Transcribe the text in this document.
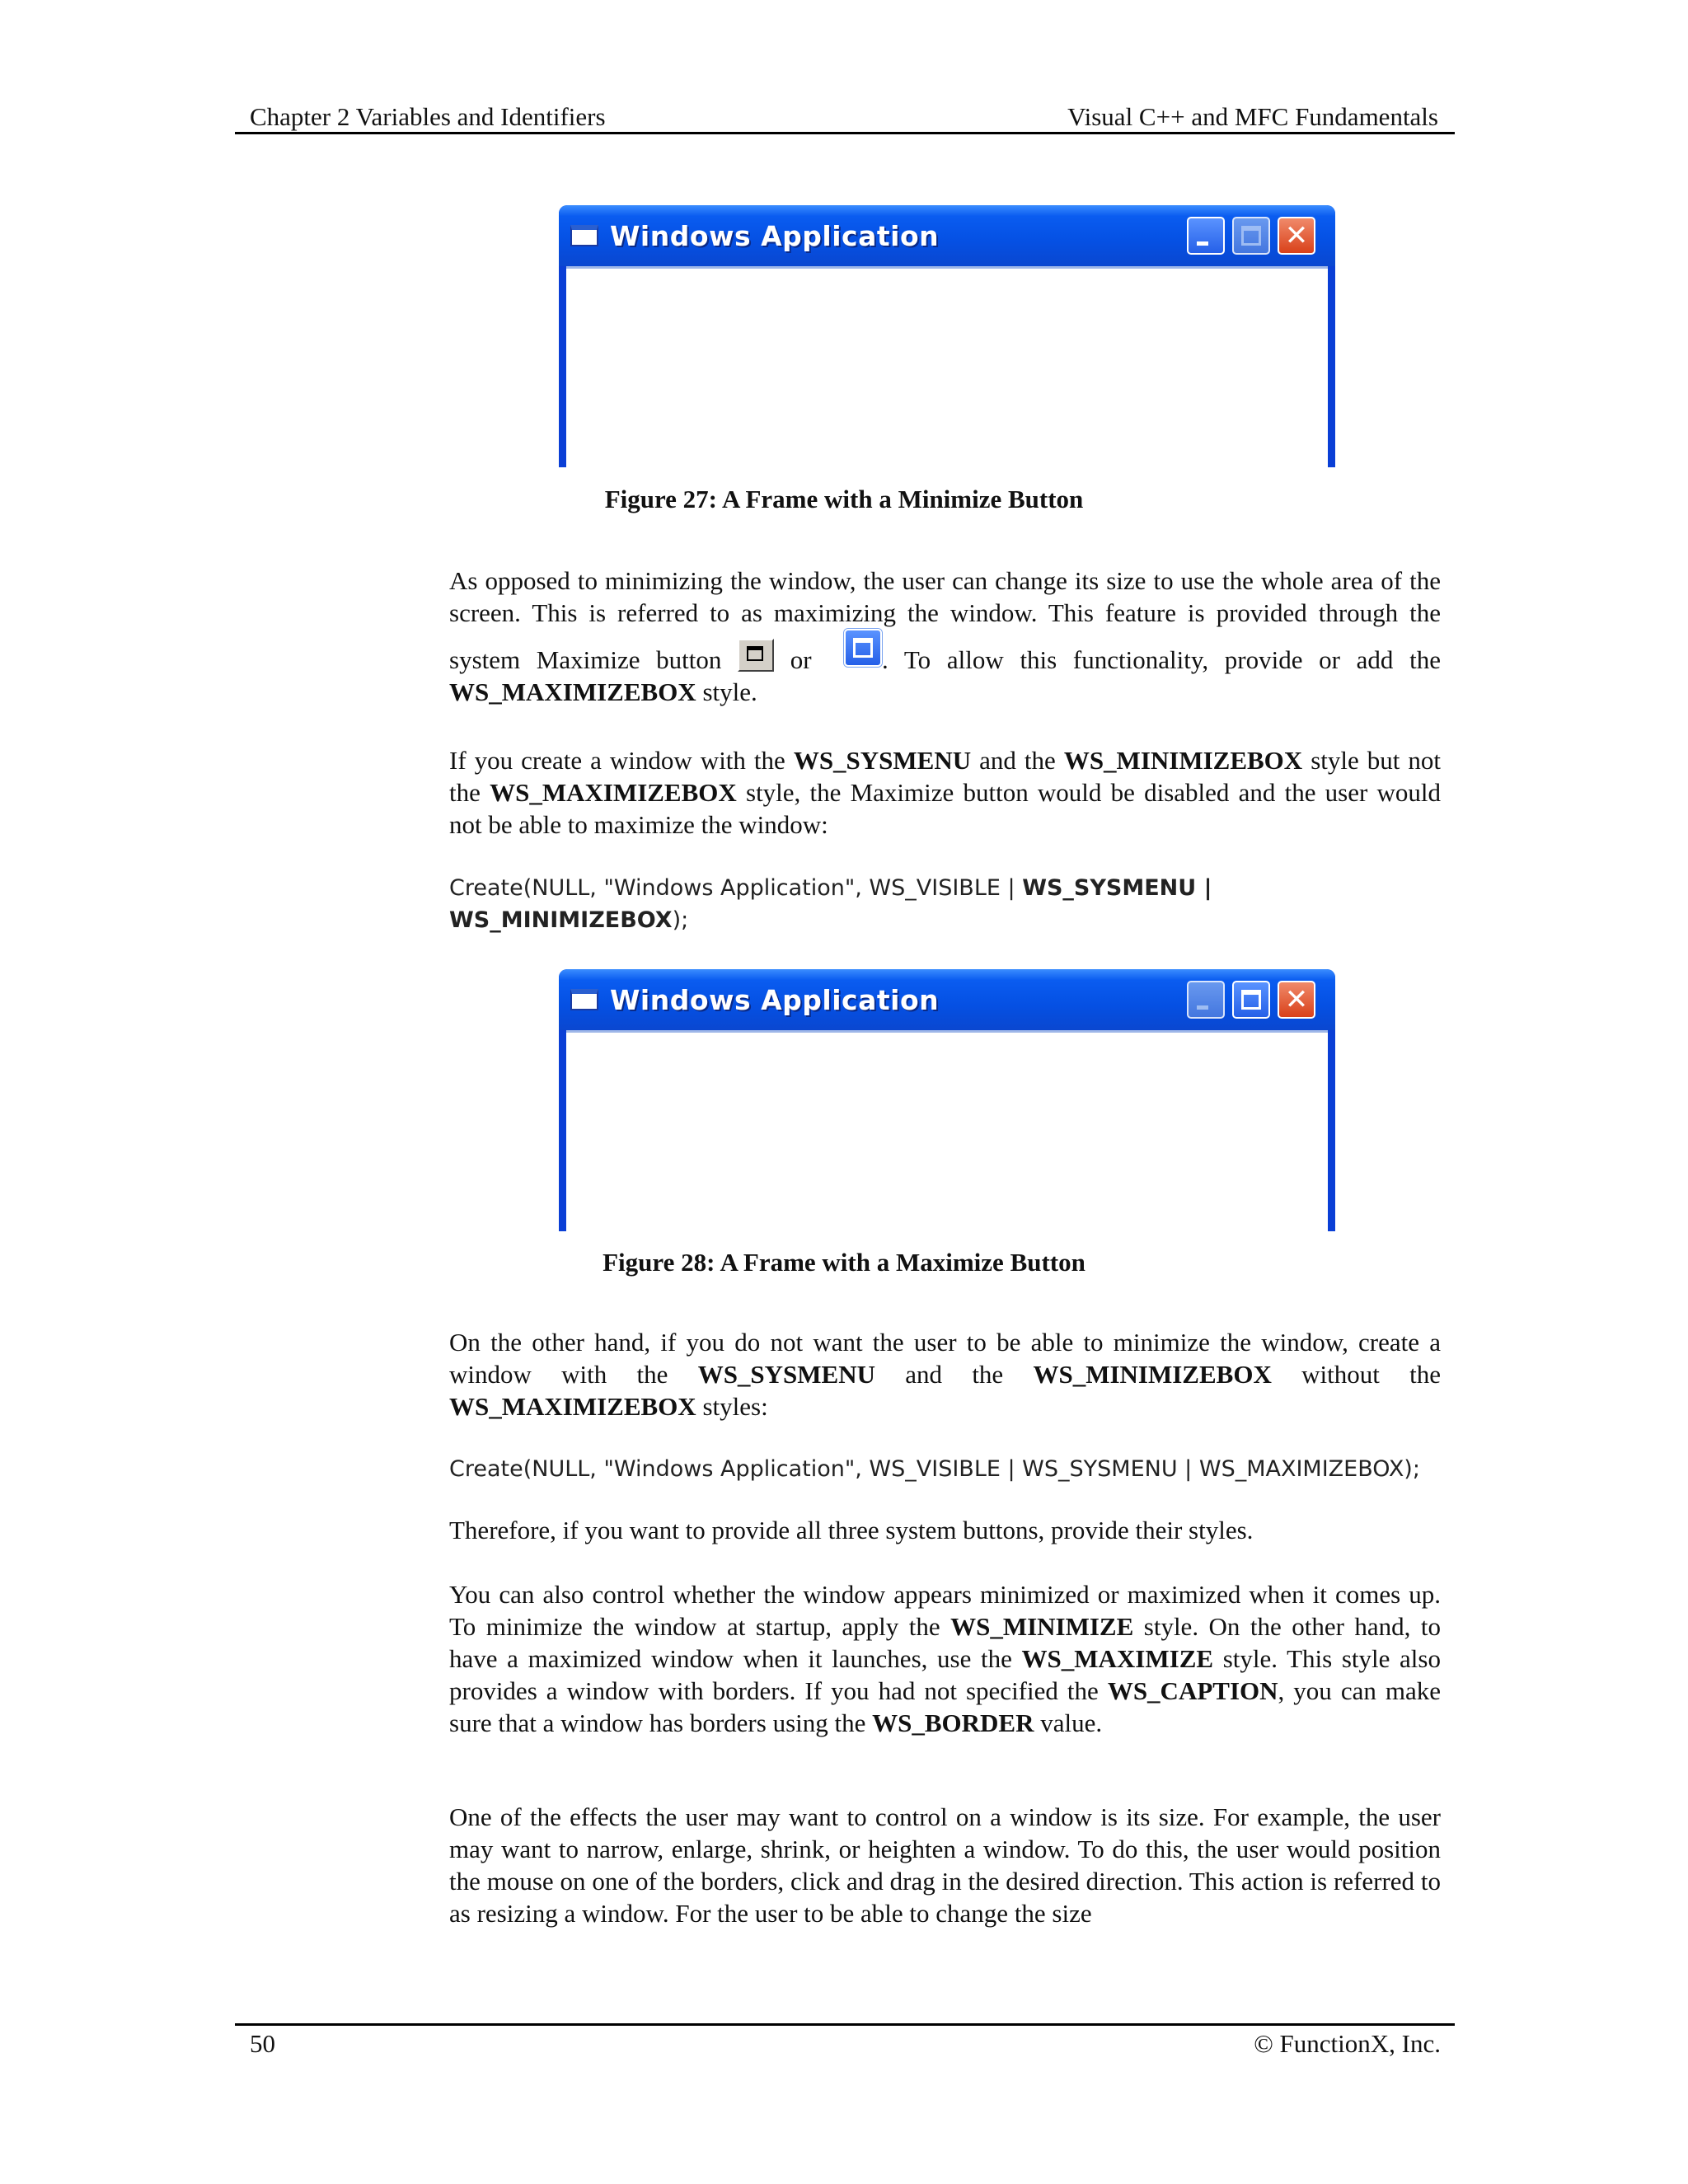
Chapter 2 Variables and Identifiers	Visual C++ and MFC Fundamentals
Windows Application	✕
Figure 27: A Frame with a Minimize Button

As opposed to minimizing the window, the user can change its size to use the whole area of the screen. This is referred to as maximizing the window. This feature is provided through the system Maximize button  or  . To allow this functionality, provide or add the WS_MAXIMIZEBOX style.

If you create a window with the WS_SYSMENU and the WS_MINIMIZEBOX style but not the WS_MAXIMIZEBOX style, the Maximize button would be disabled and the user would not be able to maximize the window:

Create(NULL, "Windows Application", WS_VISIBLE | WS_SYSMENU |
WS_MINIMIZEBOX);
Windows Application	✕
Figure 28: A Frame with a Maximize Button

On the other hand, if you do not want the user to be able to minimize the window, create a window with the WS_SYSMENU and the WS_MINIMIZEBOX without the WS_MAXIMIZEBOX styles:

Create(NULL, "Windows Application", WS_VISIBLE | WS_SYSMENU | WS_MAXIMIZEBOX);

Therefore, if you want to provide all three system buttons, provide their styles.

You can also control whether the window appears minimized or maximized when it comes up. To minimize the window at startup, apply the WS_MINIMIZE style. On the other hand, to have a maximized window when it launches, use the WS_MAXIMIZE style. This style also provides a window with borders. If you had not specified the WS_CAPTION, you can make sure that a window has borders using the WS_BORDER value.

One of the effects the user may want to control on a window is its size. For example, the user may want to narrow, enlarge, shrink, or heighten a window. To do this, the user would position the mouse on one of the borders, click and drag in the desired direction. This action is referred to as resizing a window. For the user to be able to change the size

50	© FunctionX, Inc.
